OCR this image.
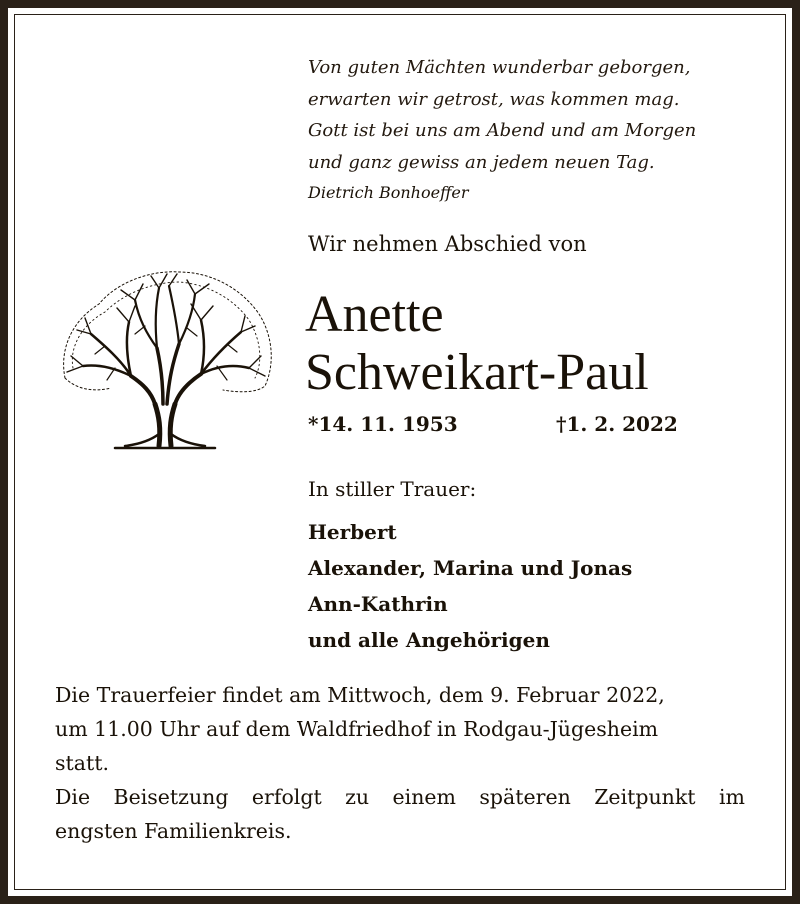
Von guten Mächten wunderbar geborgen,
erwarten wir getrost, was kommen mag.
Gott ist bei uns am Abend und am Morgen
und ganz gewiss an jedem neuen Tag.
Dietrich Bonhoeffer
Wir nehmen Abschied von
Anette
Schweikart-Paul
*14. 11. 1953	†1. 2. 2022
In stiller Trauer:
Herbert
Alexander, Marina und Jonas
Ann-Kathrin
und alle Angehörigen
Die Trauerfeier findet am Mittwoch, dem 9. Februar 2022,
um 11.00 Uhr auf dem Waldfriedhof in Rodgau-Jügesheim
statt.
Die Beisetzung erfolgt zu einem späteren Zeitpunkt im
engsten Familienkreis.
